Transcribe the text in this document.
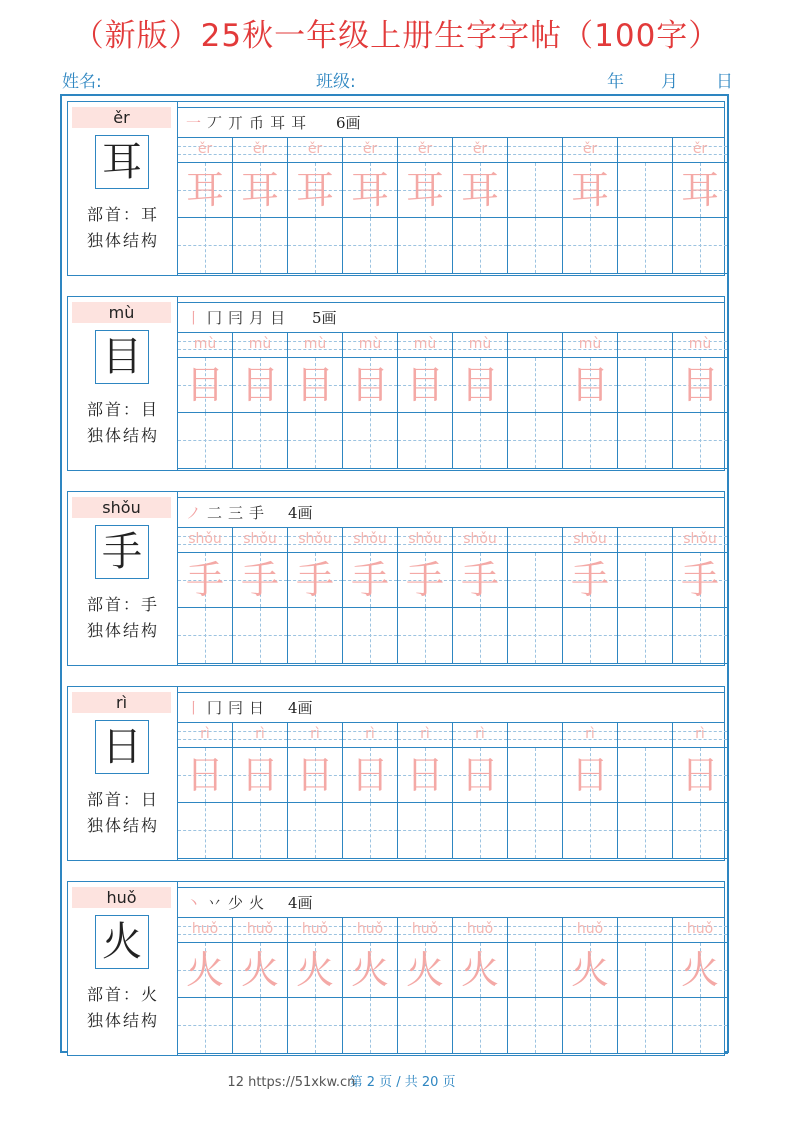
（新版）25秋一年级上册生字字帖（100字）
姓名:	班级:	年 月 日
ěr
耳
部首：耳
独体结构
一丆丌币耳耳 6画
ěr
耳
ěr
耳
ěr
耳
ěr
耳
ěr
耳
ěr
耳
ěr
耳
ěr
耳
mù
目
部首：目
独体结构
丨冂冃月目 5画
mù
目
mù
目
mù
目
mù
目
mù
目
mù
目
mù
目
mù
目
shǒu
手
部首：手
独体结构
ノ二三手 4画
shǒu
手
shǒu
手
shǒu
手
shǒu
手
shǒu
手
shǒu
手
shǒu
手
shǒu
手
rì
日
部首：日
独体结构
丨冂冃日 4画
rì
日
rì
日
rì
日
rì
日
rì
日
rì
日
rì
日
rì
日
huǒ
火
部首：火
独体结构
丶丷少火 4画
huǒ
火
huǒ
火
huǒ
火
huǒ
火
huǒ
火
huǒ
火
huǒ
火
huǒ
火
12 https://51xkw.cn 第 2 页 / 共 20 页
